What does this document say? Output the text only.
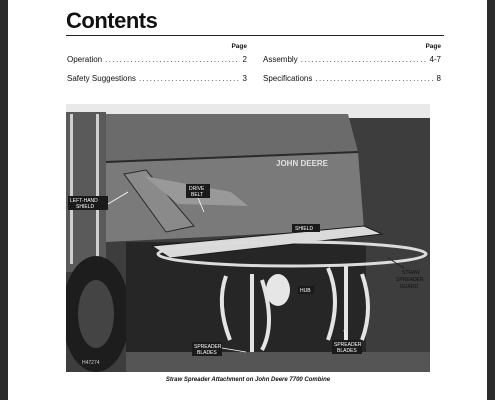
Contents
Page
Operation .....	2
Safety Suggestions .....	3
Page
Assembly .....	4-7
Specifications .....	8
JOHN DEERE
DRIVE
BELT
LEFT-HAND
SHIELD
SHIELD
HUB
STRAW
SPREADER
GUARD
SPREADER
BLADES
SPREADER
BLADES
H47274
Straw Spreader Attachment on John Deere 7700 Combine
